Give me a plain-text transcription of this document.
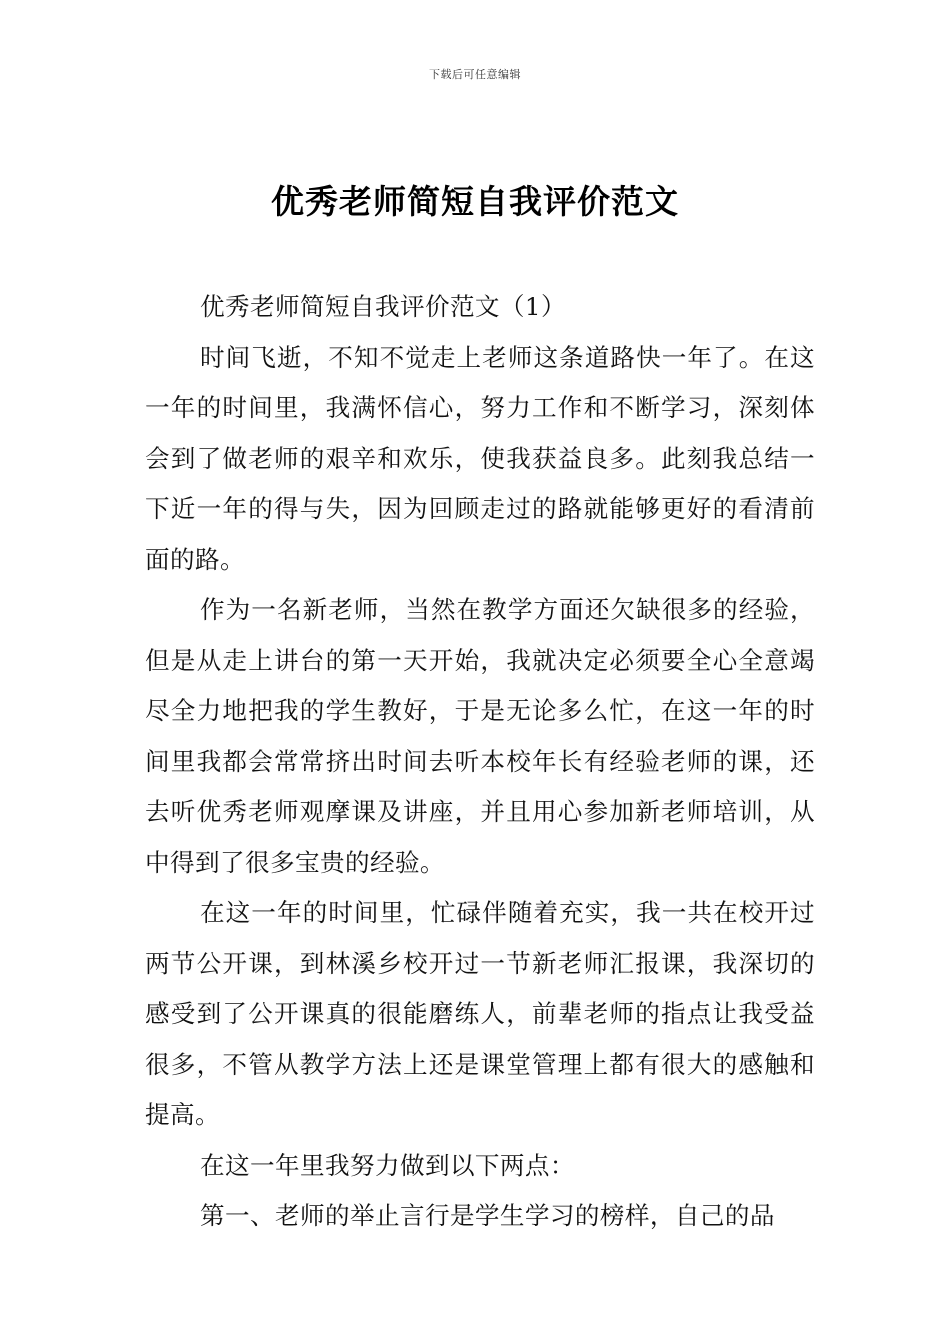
下载后可任意编辑
优秀老师简短自我评价范文

优秀老师简短自我评价范文（1）

时间飞逝，不知不觉走上老师这条道路快一年了。在这一年的时间里，我满怀信心，努力工作和不断学习，深刻体会到了做老师的艰辛和欢乐，使我获益良多。此刻我总结一下近一年的得与失，因为回顾走过的路就能够更好的看清前面的路。

作为一名新老师，当然在教学方面还欠缺很多的经验，但是从走上讲台的第一天开始，我就决定必须要全心全意竭尽全力地把我的学生教好，于是无论多么忙，在这一年的时间里我都会常常挤出时间去听本校年长有经验老师的课，还去听优秀老师观摩课及讲座，并且用心参加新老师培训，从中得到了很多宝贵的经验。

在这一年的时间里，忙碌伴随着充实，我一共在校开过两节公开课，到林溪乡校开过一节新老师汇报课，我深切的感受到了公开课真的很能磨练人，前辈老师的指点让我受益很多，不管从教学方法上还是课堂管理上都有很大的感触和提高。

在这一年里我努力做到以下两点：

第一、老师的举止言行是学生学习的榜样，自己的品
